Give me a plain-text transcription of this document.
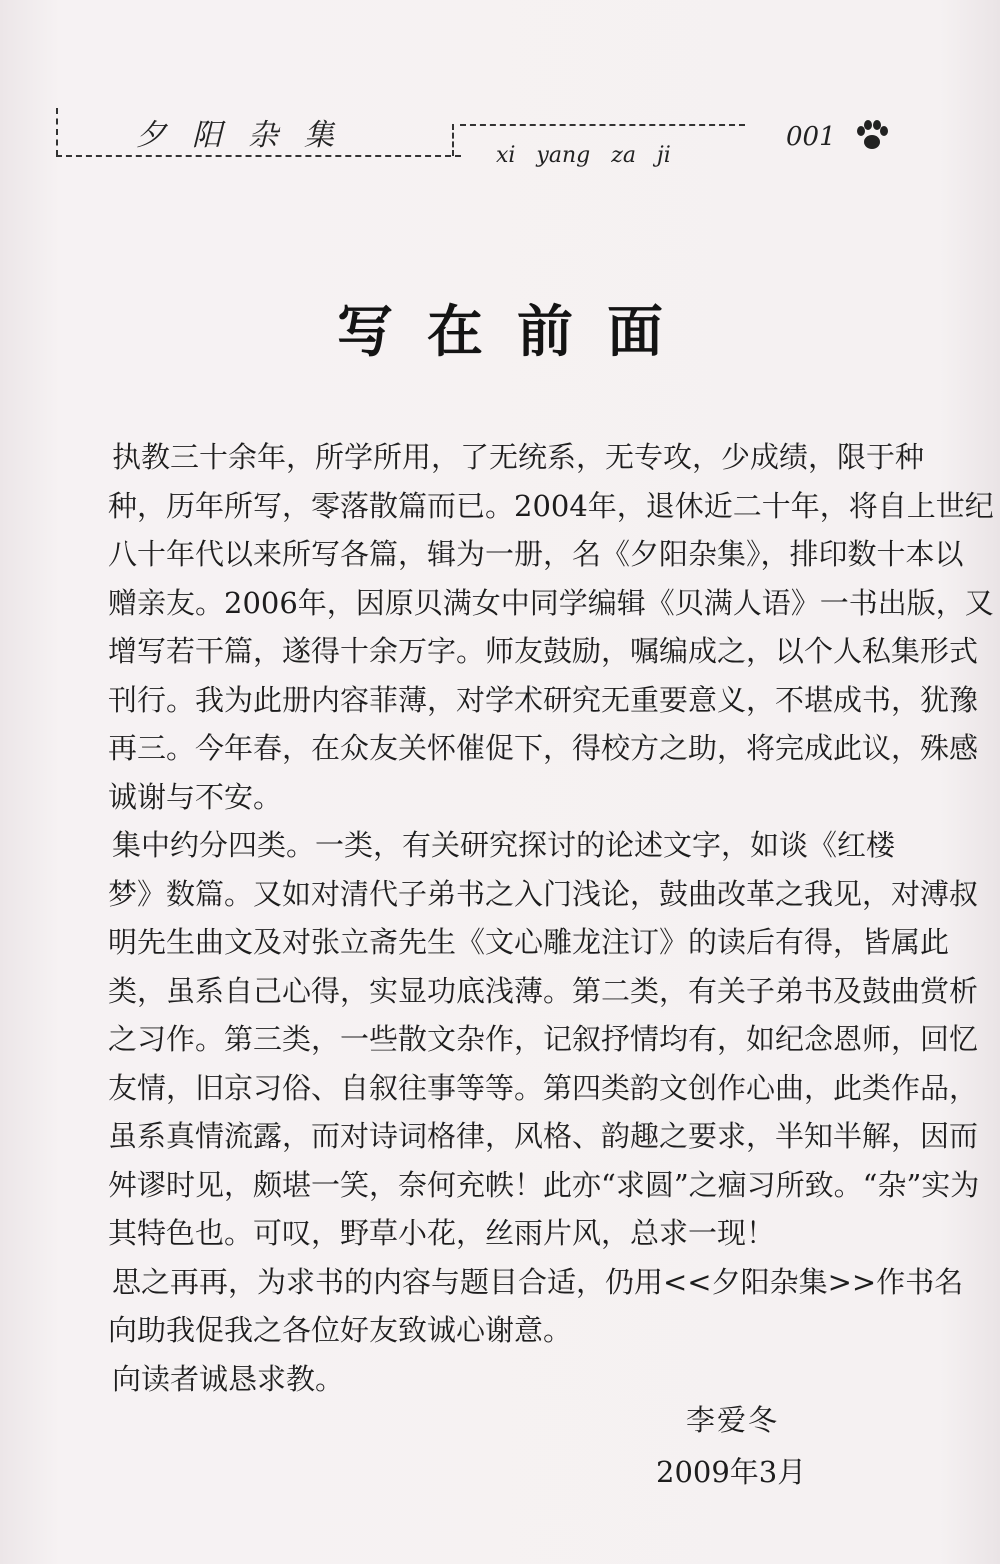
夕阳杂集
xi yang za ji
001
写在前面
执教三十余年，所学所用，了无统系，无专攻，少成绩，限于种
种，历年所写，零落散篇而已。2004年，退休近二十年，将自上世纪
八十年代以来所写各篇，辑为一册，名《夕阳杂集》，排印数十本以
赠亲友。2006年，因原贝满女中同学编辑《贝满人语》一书出版，又
增写若干篇，遂得十余万字。师友鼓励，嘱编成之，以个人私集形式
刊行。我为此册内容菲薄，对学术研究无重要意义，不堪成书，犹豫
再三。今年春，在众友关怀催促下，得校方之助，将完成此议，殊感
诚谢与不安。
集中约分四类。一类，有关研究探讨的论述文字，如谈《红楼
梦》数篇。又如对清代子弟书之入门浅论，鼓曲改革之我见，对溥叔
明先生曲文及对张立斋先生《文心雕龙注订》的读后有得，皆属此
类，虽系自己心得，实显功底浅薄。第二类，有关子弟书及鼓曲赏析
之习作。第三类，一些散文杂作，记叙抒情均有，如纪念恩师，回忆
友情，旧京习俗、自叙往事等等。第四类韵文创作心曲，此类作品，
虽系真情流露，而对诗词格律，风格、韵趣之要求，半知半解，因而
舛谬时见，颇堪一笑，奈何充帙！此亦“求圆”之痼习所致。“杂”实为
其特色也。可叹，野草小花，丝雨片风，总求一现！
思之再再，为求书的内容与题目合适，仍用<<夕阳杂集>>作书名
向助我促我之各位好友致诚心谢意。
向读者诚恳求教。
李爱冬
2009年3月
